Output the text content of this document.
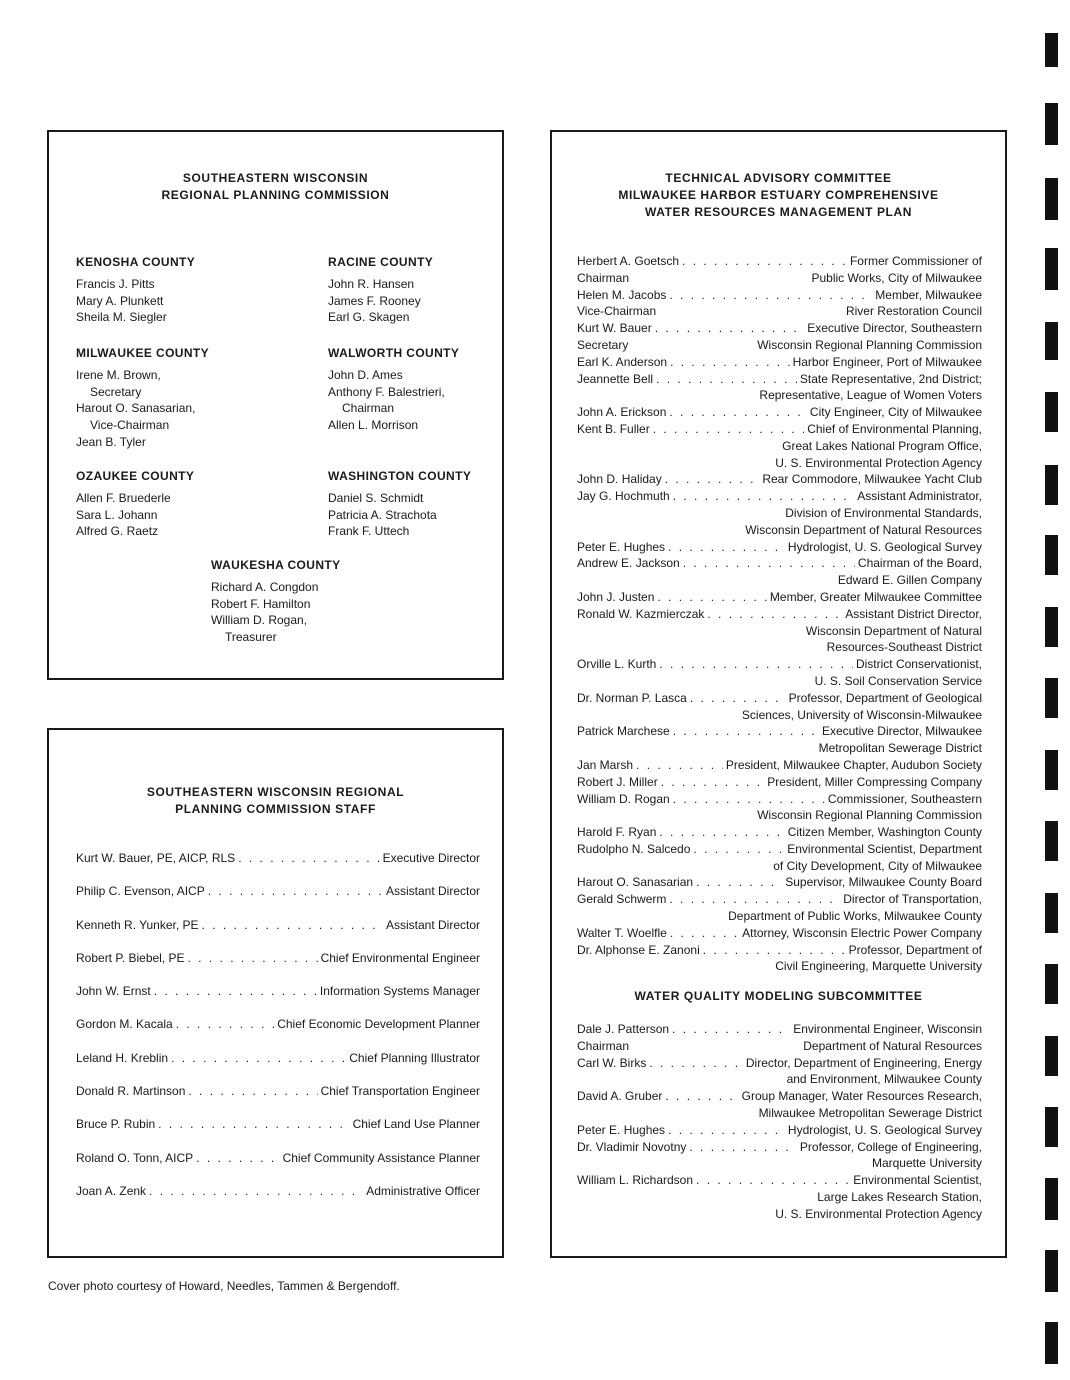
SOUTHEASTERN WISCONSIN
REGIONAL PLANNING COMMISSION
KENOSHA COUNTY
Francis J. Pitts
Mary A. Plunkett
Sheila M. Siegler
RACINE COUNTY
John R. Hansen
James F. Rooney
Earl G. Skagen
MILWAUKEE COUNTY
Irene M. Brown,
Secretary
Harout O. Sanasarian,
Vice-Chairman
Jean B. Tyler
WALWORTH COUNTY
John D. Ames
Anthony F. Balestrieri,
Chairman
Allen L. Morrison
OZAUKEE COUNTY
Allen F. Bruederle
Sara L. Johann
Alfred G. Raetz
WASHINGTON COUNTY
Daniel S. Schmidt
Patricia A. Strachota
Frank F. Uttech
WAUKESHA COUNTY
Richard A. Congdon
Robert F. Hamilton
William D. Rogan,
Treasurer
SOUTHEASTERN WISCONSIN REGIONAL
PLANNING COMMISSION STAFF
Kurt W. Bauer, PE, AICP, RLS . . .	Executive Director
Philip C. Evenson, AICP . . .	Assistant Director
Kenneth R. Yunker, PE . . .	Assistant Director
Robert P. Biebel, PE . . .	Chief Environmental Engineer
John W. Ernst . . .	Information Systems Manager
Gordon M. Kacala . . .	Chief Economic Development Planner
Leland H. Kreblin . . .	Chief Planning Illustrator
Donald R. Martinson . . .	Chief Transportation Engineer
Bruce P. Rubin . . .	Chief Land Use Planner
Roland O. Tonn, AICP . . .	Chief Community Assistance Planner
Joan A. Zenk . . .	Administrative Officer
TECHNICAL ADVISORY COMMITTEE
MILWAUKEE HARBOR ESTUARY COMPREHENSIVE
WATER RESOURCES MANAGEMENT PLAN
Herbert A. Goetsch . . .	Former Commissioner of
Chairman	Public Works, City of Milwaukee
Helen M. Jacobs . . .	Member, Milwaukee
Vice-Chairman	River Restoration Council
Kurt W. Bauer . . .	Executive Director, Southeastern
Secretary	Wisconsin Regional Planning Commission
Earl K. Anderson . . .	Harbor Engineer, Port of Milwaukee
Jeannette Bell . . .	State Representative, 2nd District;
Representative, League of Women Voters
John A. Erickson . . .	City Engineer, City of Milwaukee
Kent B. Fuller . . .	Chief of Environmental Planning,
Great Lakes National Program Office,
U. S. Environmental Protection Agency
John D. Haliday . . .	Rear Commodore, Milwaukee Yacht Club
Jay G. Hochmuth . . .	Assistant Administrator,
Division of Environmental Standards,
Wisconsin Department of Natural Resources
Peter E. Hughes . . .	Hydrologist, U. S. Geological Survey
Andrew E. Jackson . . .	Chairman of the Board,
Edward E. Gillen Company
John J. Justen . . .	Member, Greater Milwaukee Committee
Ronald W. Kazmierczak . . .	Assistant District Director,
Wisconsin Department of Natural
Resources-Southeast District
Orville L. Kurth . . .	District Conservationist,
U. S. Soil Conservation Service
Dr. Norman P. Lasca . . .	Professor, Department of Geological
Sciences, University of Wisconsin-Milwaukee
Patrick Marchese . . .	Executive Director, Milwaukee
Metropolitan Sewerage District
Jan Marsh . . .	President, Milwaukee Chapter, Audubon Society
Robert J. Miller . . .	President, Miller Compressing Company
William D. Rogan . . .	Commissioner, Southeastern
Wisconsin Regional Planning Commission
Harold F. Ryan . . .	Citizen Member, Washington County
Rudolpho N. Salcedo . . .	Environmental Scientist, Department
of City Development, City of Milwaukee
Harout O. Sanasarian . . .	Supervisor, Milwaukee County Board
Gerald Schwerm . . .	Director of Transportation,
Department of Public Works, Milwaukee County
Walter T. Woelfle . . .	Attorney, Wisconsin Electric Power Company
Dr. Alphonse E. Zanoni . . .	Professor, Department of
Civil Engineering, Marquette University
WATER QUALITY MODELING SUBCOMMITTEE
Dale J. Patterson . . .	Environmental Engineer, Wisconsin
Chairman	Department of Natural Resources
Carl W. Birks . . .	Director, Department of Engineering, Energy
and Environment, Milwaukee County
David A. Gruber . . .	Group Manager, Water Resources Research,
Milwaukee Metropolitan Sewerage District
Peter E. Hughes . . .	Hydrologist, U. S. Geological Survey
Dr. Vladimir Novotny . . .	Professor, College of Engineering,
Marquette University
William L. Richardson . . .	Environmental Scientist,
Large Lakes Research Station,
U. S. Environmental Protection Agency
Cover photo courtesy of Howard, Needles, Tammen & Bergendoff.
